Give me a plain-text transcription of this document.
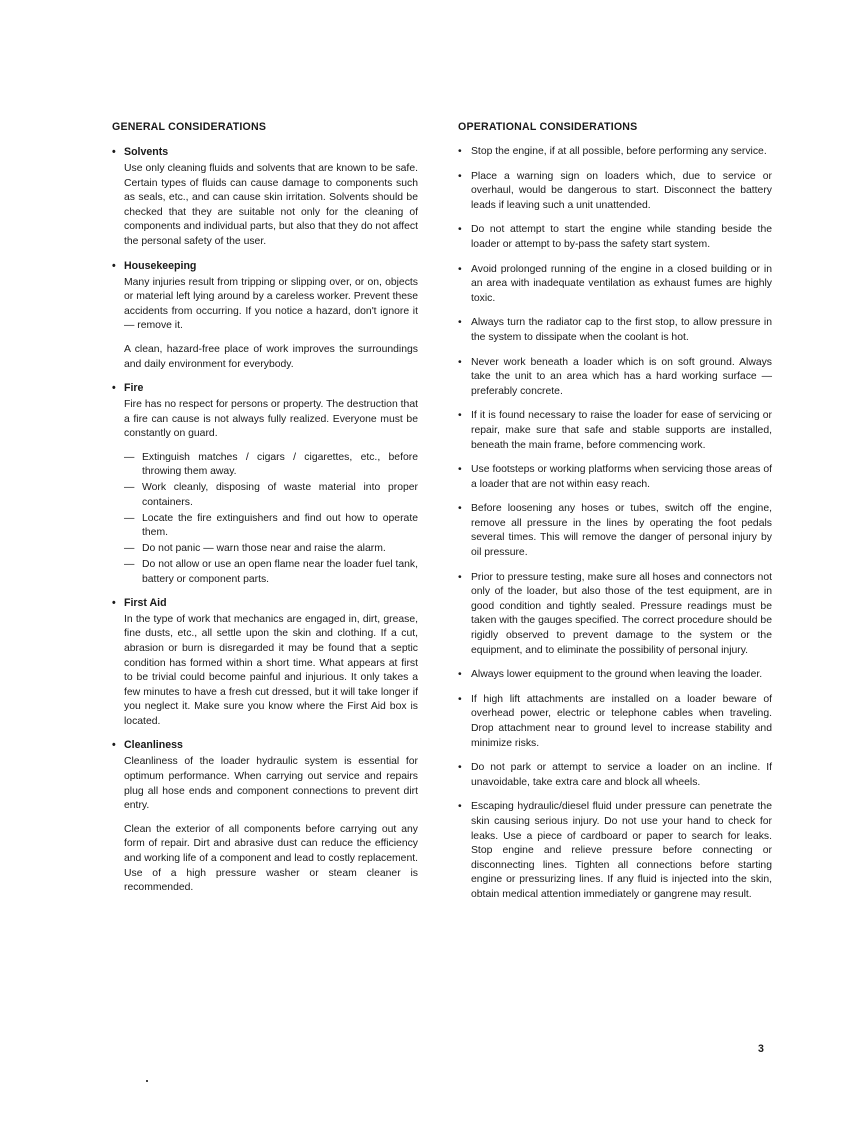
GENERAL CONSIDERATIONS
• Solvents

Use only cleaning fluids and solvents that are known to be safe. Certain types of fluids can cause damage to components such as seals, etc., and can cause skin irritation. Solvents should be checked that they are suitable not only for the cleaning of components and individual parts, but also that they do not affect the personal safety of the user.

• Housekeeping

Many injuries result from tripping or slipping over, or on, objects or material left lying around by a careless worker. Prevent these accidents from occurring. If you notice a hazard, don't ignore it — remove it.

A clean, hazard-free place of work improves the surroundings and daily environment for everybody.

• Fire

Fire has no respect for persons or property. The destruction that a fire can cause is not always fully realized. Everyone must be constantly on guard.

— Extinguish matches / cigars / cigarettes, etc., before throwing them away.
— Work cleanly, disposing of waste material into proper containers.
— Locate the fire extinguishers and find out how to operate them.
— Do not panic — warn those near and raise the alarm.
— Do not allow or use an open flame near the loader fuel tank, battery or component parts.
• First Aid

In the type of work that mechanics are engaged in, dirt, grease, fine dusts, etc., all settle upon the skin and clothing. If a cut, abrasion or burn is disregarded it may be found that a septic condition has formed within a short time. What appears at first to be trivial could become painful and injurious. It only takes a few minutes to have a fresh cut dressed, but it will take longer if you neglect it. Make sure you know where the First Aid box is located.

• Cleanliness

Cleanliness of the loader hydraulic system is essential for optimum performance. When carrying out service and repairs plug all hose ends and component connections to prevent dirt entry.

Clean the exterior of all components before carrying out any form of repair. Dirt and abrasive dust can reduce the efficiency and working life of a component and lead to costly replacement. Use of a high pressure washer or steam cleaner is recommended.

OPERATIONAL CONSIDERATIONS
• Stop the engine, if at all possible, before performing any service.
• Place a warning sign on loaders which, due to service or overhaul, would be dangerous to start. Disconnect the battery leads if leaving such a unit unattended.
• Do not attempt to start the engine while standing beside the loader or attempt to by-pass the safety start system.
• Avoid prolonged running of the engine in a closed building or in an area with inadequate ventilation as exhaust fumes are highly toxic.
• Always turn the radiator cap to the first stop, to allow pressure in the system to dissipate when the coolant is hot.
• Never work beneath a loader which is on soft ground. Always take the unit to an area which has a hard working surface — preferably concrete.
• If it is found necessary to raise the loader for ease of servicing or repair, make sure that safe and stable supports are installed, beneath the main frame, before commencing work.
• Use footsteps or working platforms when servicing those areas of a loader that are not within easy reach.
• Before loosening any hoses or tubes, switch off the engine, remove all pressure in the lines by operating the foot pedals several times. This will remove the danger of personal injury by oil pressure.
• Prior to pressure testing, make sure all hoses and connectors not only of the loader, but also those of the test equipment, are in good condition and tightly sealed. Pressure readings must be taken with the gauges specified. The correct procedure should be rigidly observed to prevent damage to the system or the equipment, and to eliminate the possibility of personal injury.
• Always lower equipment to the ground when leaving the loader.
• If high lift attachments are installed on a loader beware of overhead power, electric or telephone cables when traveling. Drop attachment near to ground level to increase stability and minimize risks.
• Do not park or attempt to service a loader on an incline. If unavoidable, take extra care and block all wheels.
• Escaping hydraulic/diesel fluid under pressure can penetrate the skin causing serious injury. Do not use your hand to check for leaks. Use a piece of cardboard or paper to search for leaks. Stop engine and relieve pressure before connecting or disconnecting lines. Tighten all connections before starting engine or pressurizing lines. If any fluid is injected into the skin, obtain medical attention immediately or gangrene may result.
3
